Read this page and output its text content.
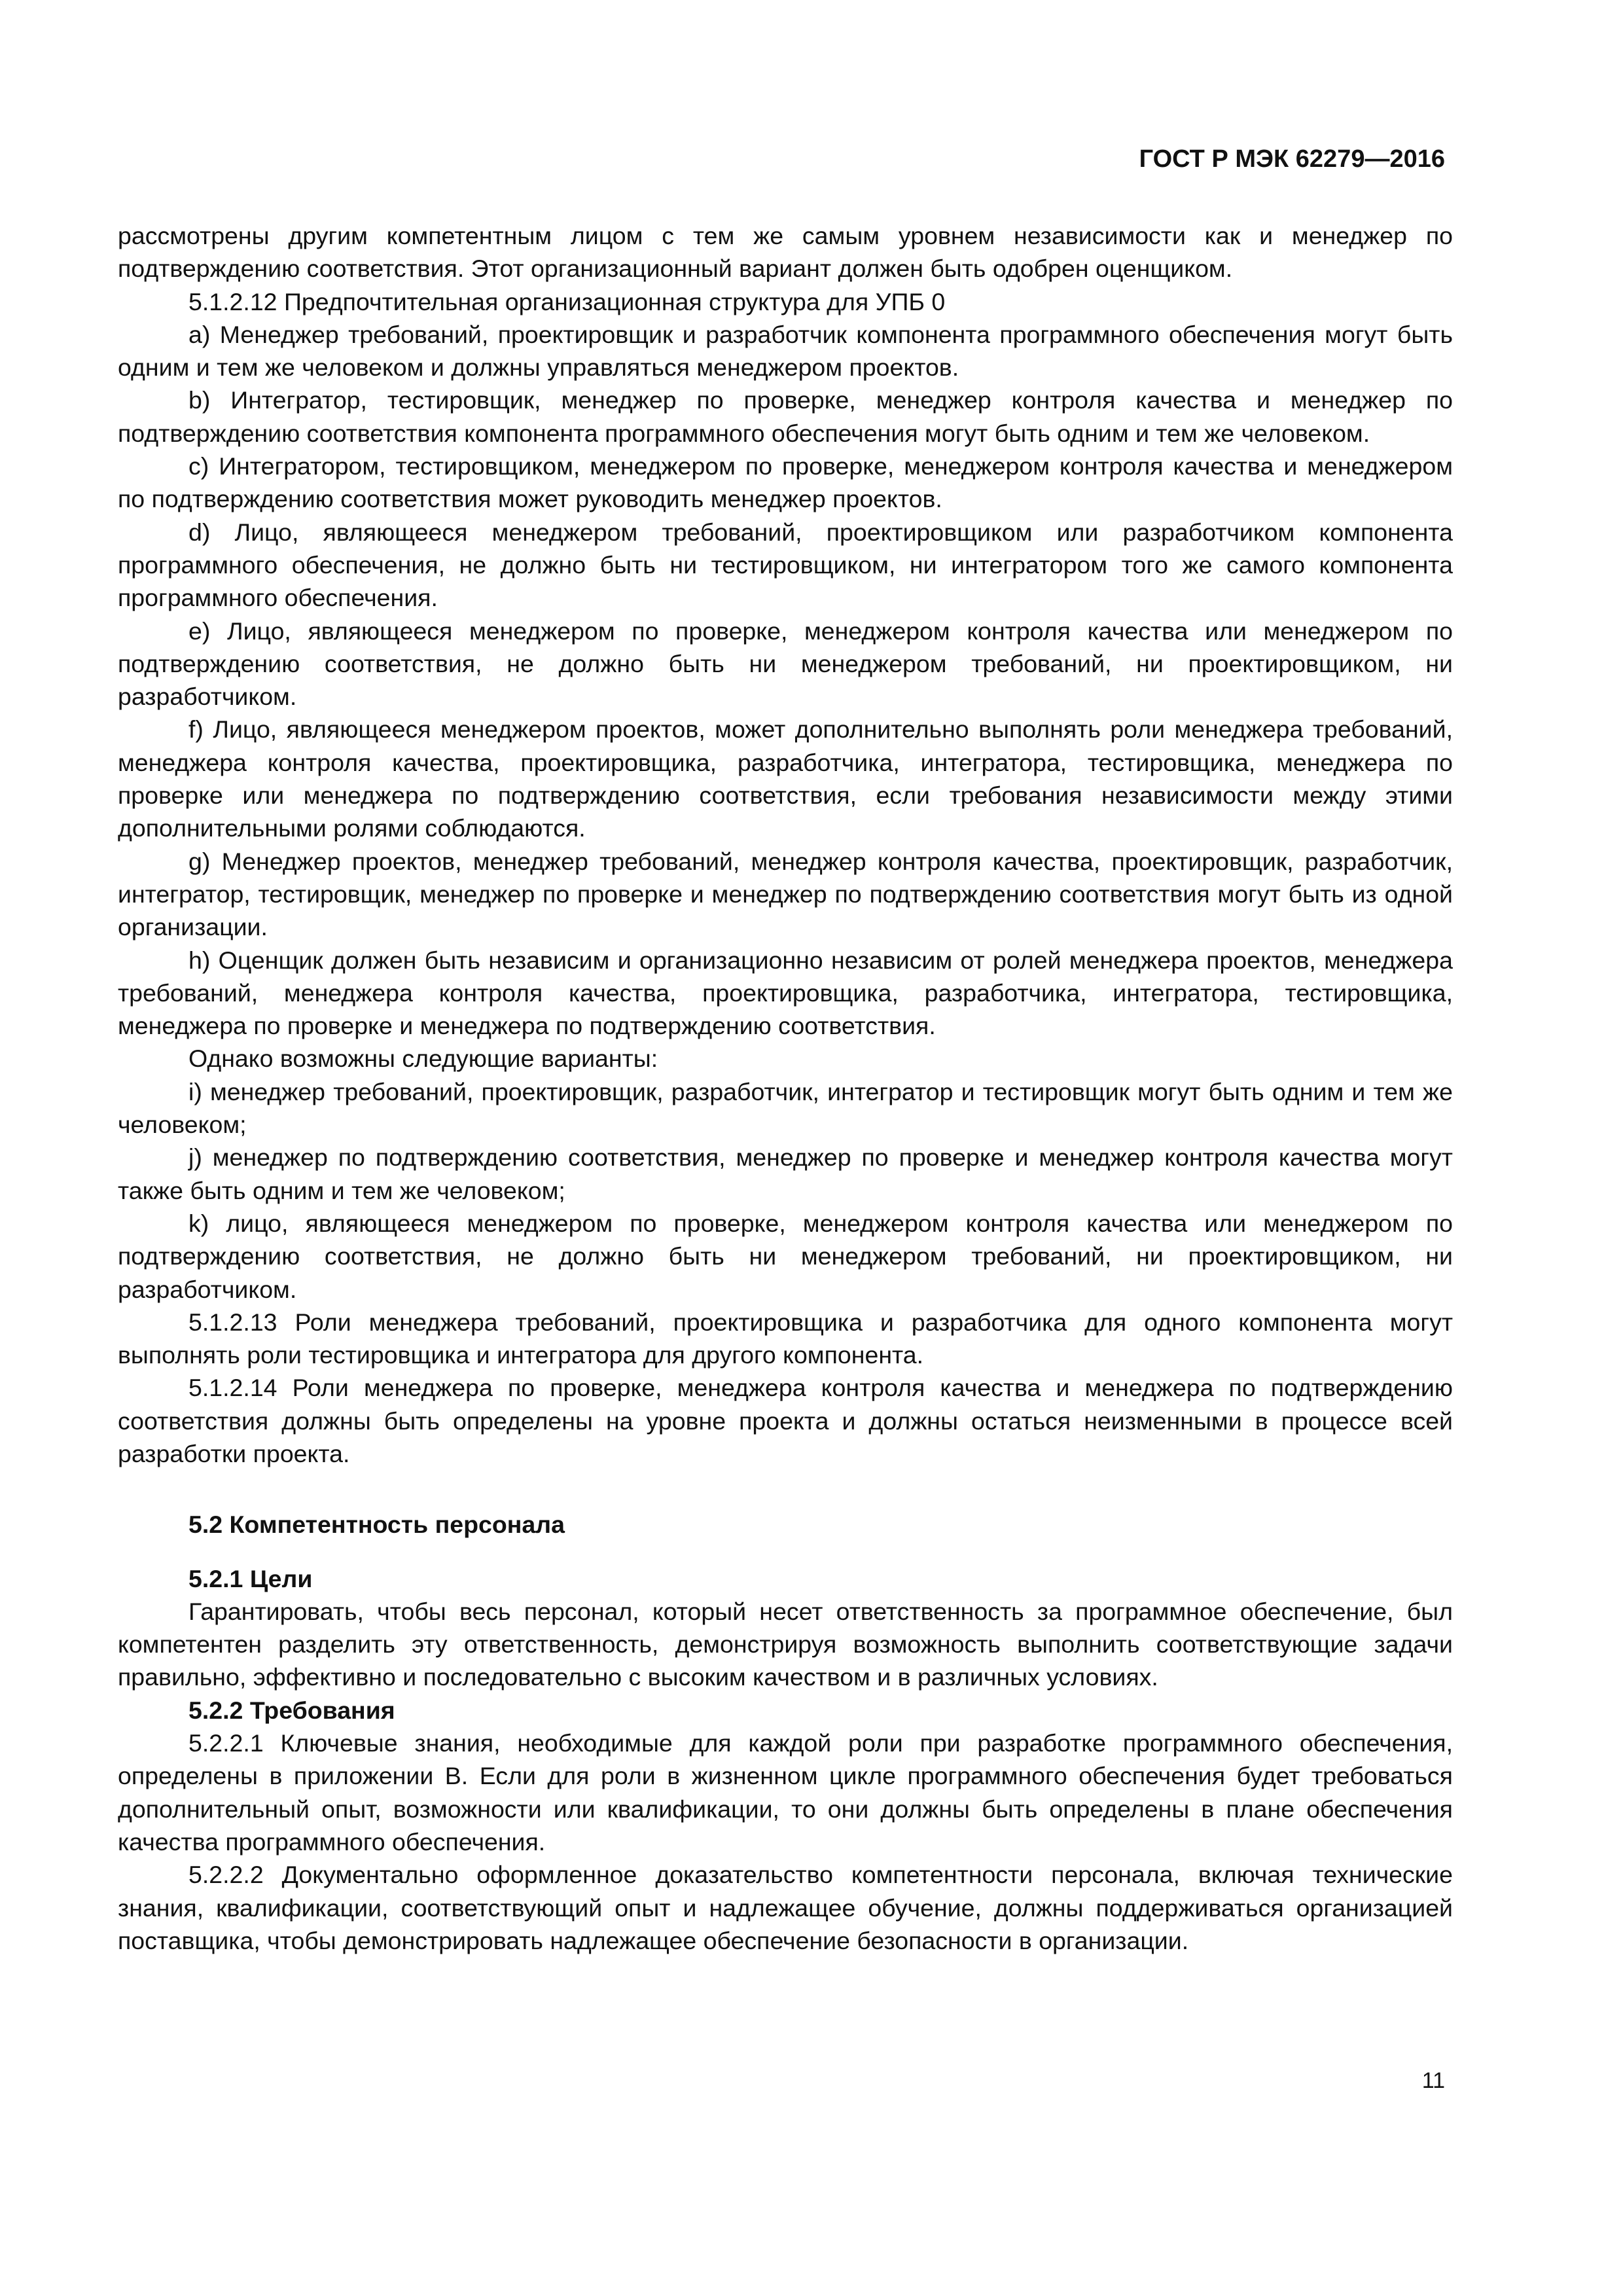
ГОСТ Р МЭК 62279—2016

рассмотрены другим компетентным лицом с тем же самым уровнем независимости как и менеджер по подтверждению соответствия. Этот организационный вариант должен быть одобрен оценщиком.

5.1.2.12 Предпочтительная организационная структура для УПБ 0

а) Менеджер требований, проектировщик и разработчик компонента программного обеспечения могут быть одним и тем же человеком и должны управляться менеджером проектов.

b) Интегратор, тестировщик, менеджер по проверке, менеджер контроля качества и менеджер по подтверждению соответствия компонента программного обеспечения могут быть одним и тем же человеком.

c) Интегратором, тестировщиком, менеджером по проверке, менеджером контроля качества и менеджером по подтверждению соответствия может руководить менеджер проектов.

d) Лицо, являющееся менеджером требований, проектировщиком или разработчиком компонента программного обеспечения, не должно быть ни тестировщиком, ни интегратором того же самого компонента программного обеспечения.

e) Лицо, являющееся менеджером по проверке, менеджером контроля качества или менеджером по подтверждению соответствия, не должно быть ни менеджером требований, ни проектировщиком, ни разработчиком.

f) Лицо, являющееся менеджером проектов, может дополнительно выполнять роли менеджера требований, менеджера контроля качества, проектировщика, разработчика, интегратора, тестировщика, менеджера по проверке или менеджера по подтверждению соответствия, если требования независимости между этими дополнительными ролями соблюдаются.

g) Менеджер проектов, менеджер требований, менеджер контроля качества, проектировщик, разработчик, интегратор, тестировщик, менеджер по проверке и менеджер по подтверждению соответствия могут быть из одной организации.

h) Оценщик должен быть независим и организационно независим от ролей менеджера проектов, менеджера требований, менеджера контроля качества, проектировщика, разработчика, интегратора, тестировщика, менеджера по проверке и менеджера по подтверждению соответствия.

Однако возможны следующие варианты:

i) менеджер требований, проектировщик, разработчик, интегратор и тестировщик могут быть одним и тем же человеком;

j) менеджер по подтверждению соответствия, менеджер по проверке и менеджер контроля качества могут также быть одним и тем же человеком;

k) лицо, являющееся менеджером по проверке, менеджером контроля качества или менеджером по подтверждению соответствия, не должно быть ни менеджером требований, ни проектировщиком, ни разработчиком.

5.1.2.13 Роли менеджера требований, проектировщика и разработчика для одного компонента могут выполнять роли тестировщика и интегратора для другого компонента.

5.1.2.14 Роли менеджера по проверке, менеджера контроля качества и менеджера по подтверждению соответствия должны быть определены на уровне проекта и должны остаться неизменными в процессе всей разработки проекта.

5.2 Компетентность персонала
5.2.1 Цели

Гарантировать, чтобы весь персонал, который несет ответственность за программное обеспечение, был компетентен разделить эту ответственность, демонстрируя возможность выполнить соответствующие задачи правильно, эффективно и последовательно с высоким качеством и в различных условиях.

5.2.2 Требования

5.2.2.1 Ключевые знания, необходимые для каждой роли при разработке программного обеспечения, определены в приложении В. Если для роли в жизненном цикле программного обеспечения будет требоваться дополнительный опыт, возможности или квалификации, то они должны быть определены в плане обеспечения качества программного обеспечения.

5.2.2.2 Документально оформленное доказательство компетентности персонала, включая технические знания, квалификации, соответствующий опыт и надлежащее обучение, должны поддерживаться организацией поставщика, чтобы демонстрировать надлежащее обеспечение безопасности в организации.

11
